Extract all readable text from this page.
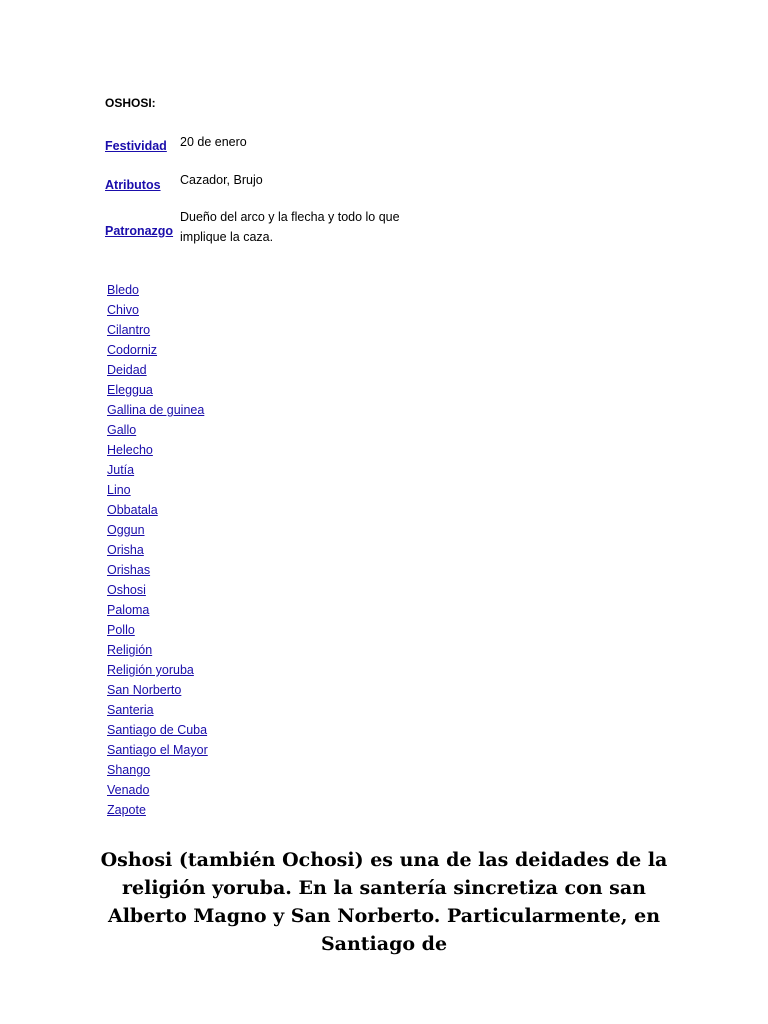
OSHOSI:
Festividad 20 de enero
Atributos Cazador, Brujo
Patronazgo
Dueño del arco y la flecha y todo lo que implique la caza.
Bledo
Chivo
Cilantro
Codorniz
Deidad
Eleggua
Gallina de guinea
Gallo
Helecho
Jutía
Lino
Obbatala
Oggun
Orisha
Orishas
Oshosi
Paloma
Pollo
Religión
Religión yoruba
San Norberto
Santeria
Santiago de Cuba
Santiago el Mayor
Shango
Venado
Zapote

Oshosi (también Ochosi) es una de las deidades de la religión yoruba. En la santería sincretiza con san Alberto Magno y San Norberto. Particularmente, en Santiago de
